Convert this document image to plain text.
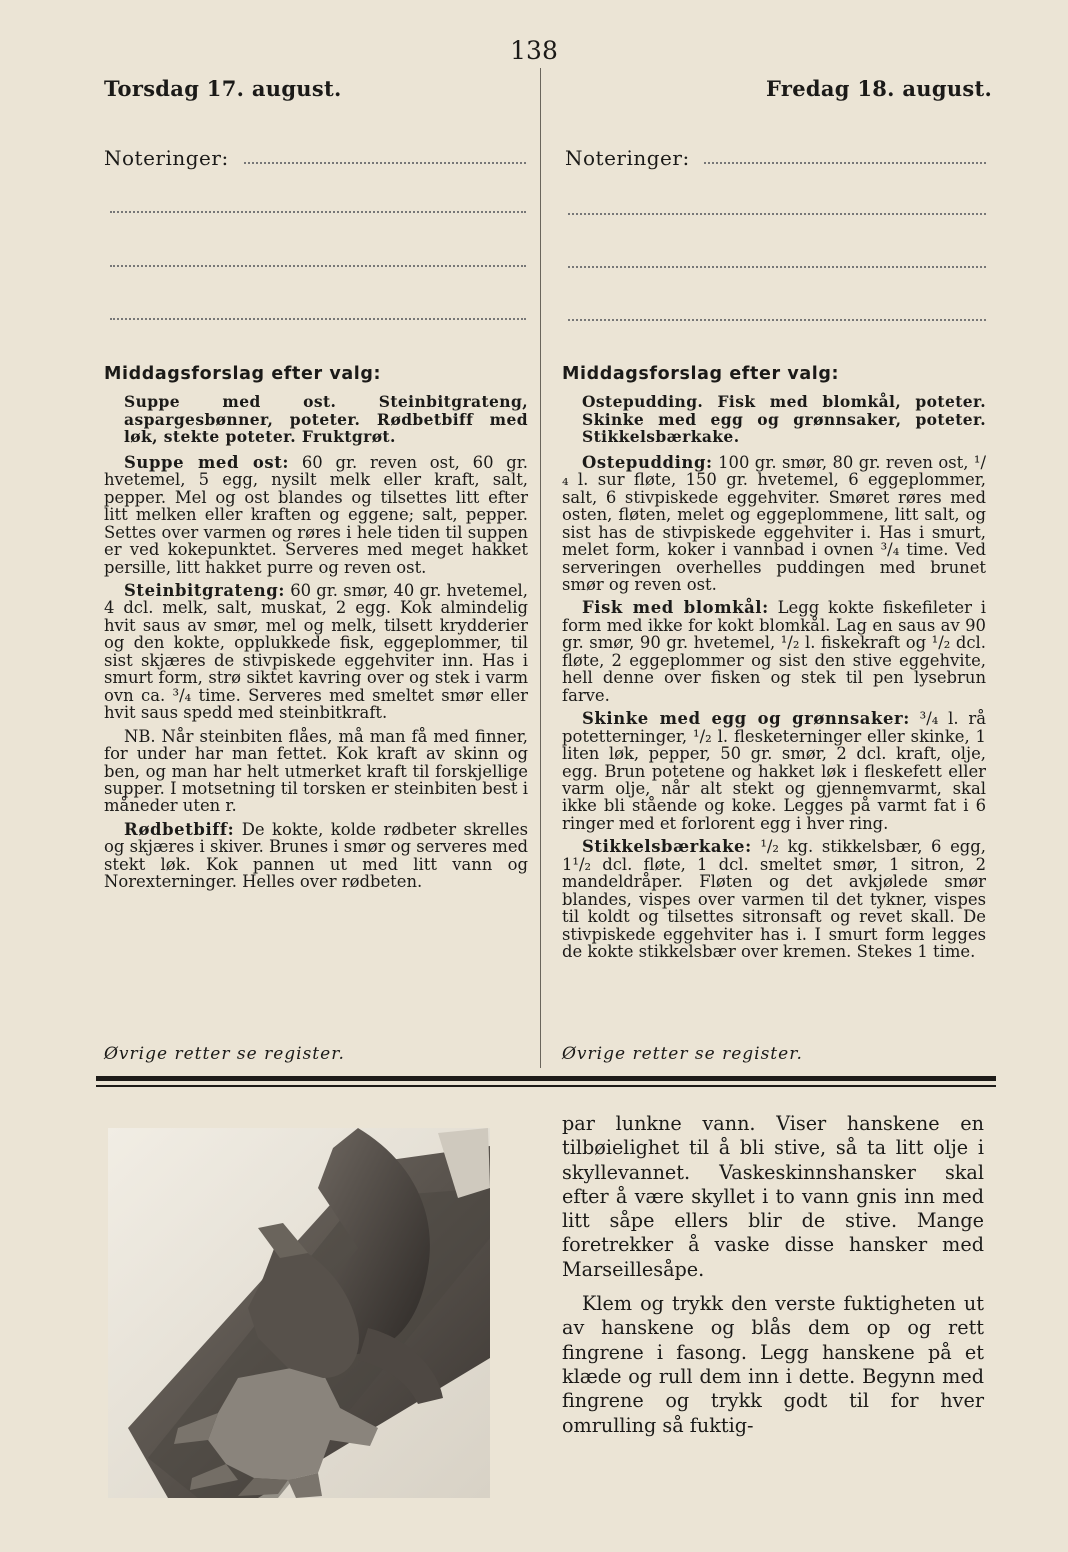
138
Torsdag 17. august.	Fredag 18. august.
Noteringer:	Noteringer:

Middagsforslag efter valg:

Suppe med ost. Steinbitgrateng, aspargesbønner, poteter. Rødbetbiff med løk, stekte poteter. Fruktgrøt.

Suppe med ost: 60 gr. reven ost, 60 gr. hvetemel, 5 egg, nysilt melk eller kraft, salt, pepper. Mel og ost blandes og tilsettes litt efter litt melken eller kraften og eggene; salt, pepper. Settes over varmen og røres i hele tiden til suppen er ved kokepunktet. Serveres med meget hakket persille, litt hakket purre og reven ost.

Steinbitgrateng: 60 gr. smør, 40 gr. hvetemel, 4 dcl. melk, salt, muskat, 2 egg. Kok almindelig hvit saus av smør, mel og melk, tilsett krydderier og den kokte, opplukkede fisk, eggeplommer, til sist skjæres de stivpiskede eggehviter inn. Has i smurt form, strø siktet kavring over og stek i varm ovn ca. ³/₄ time. Serveres med smeltet smør eller hvit saus spedd med steinbitkraft.

NB. Når steinbiten flåes, må man få med finner, for under har man fettet. Kok kraft av skinn og ben, og man har helt utmerket kraft til forskjellige supper. I motsetning til torsken er steinbiten best i måneder uten r.

Rødbetbiff: De kokte, kolde rødbeter skrelles og skjæres i skiver. Brunes i smør og serveres med stekt løk. Kok pannen ut med litt vann og Norexterninger. Helles over rødbeten.

Middagsforslag efter valg:

Ostepudding. Fisk med blomkål, poteter. Skinke med egg og grønnsaker, poteter. Stikkelsbærkake.

Ostepudding: 100 gr. smør, 80 gr. reven ost, ¹/₄ l. sur fløte, 150 gr. hvetemel, 6 eggeplommer, salt, 6 stivpiskede eggehviter. Smøret røres med osten, fløten, melet og eggeplommene, litt salt, og sist has de stivpiskede eggehviter i. Has i smurt, melet form, koker i vannbad i ovnen ³/₄ time. Ved serveringen overhelles puddingen med brunet smør og reven ost.

Fisk med blomkål: Legg kokte fiskefileter i form med ikke for kokt blomkål. Lag en saus av 90 gr. smør, 90 gr. hvetemel, ¹/₂ l. fiskekraft og ¹/₂ dcl. fløte, 2 eggeplommer og sist den stive eggehvite, hell denne over fisken og stek til pen lysebrun farve.

Skinke med egg og grønnsaker: ³/₄ l. rå potetterninger, ¹/₂ l. flesketerninger eller skinke, 1 liten løk, pepper, 50 gr. smør, 2 dcl. kraft, olje, egg. Brun potetene og hakket løk i fleskefett eller varm olje, når alt stekt og gjennemvarmt, skal ikke bli stående og koke. Legges på varmt fat i 6 ringer med et forlorent egg i hver ring.

Stikkelsbærkake: ¹/₂ kg. stikkelsbær, 6 egg, 1¹/₂ dcl. fløte, 1 dcl. smeltet smør, 1 sitron, 2 mandeldråper. Fløten og det avkjølede smør blandes, vispes over varmen til det tykner, vispes til koldt og tilsettes sitronsaft og revet skall. De stivpiskede eggehviter has i. I smurt form legges de kokte stikkelsbær over kremen. Stekes 1 time.

Øvrige retter se register.	Øvrige retter se register.

par lunkne vann. Viser hanskene en tilbøielighet til å bli stive, så ta litt olje i skyllevannet. Vaskeskinnshansker skal efter å være skyllet i to vann gnis inn med litt såpe ellers blir de stive. Mange foretrekker å vaske disse hansker med Marseillesåpe.

Klem og trykk den verste fuktigheten ut av hanskene og blås dem op og rett fingrene i fasong. Legg hanskene på et klæde og rull dem inn i dette. Begynn med fingrene og trykk godt til for hver omrulling så fuktig-
